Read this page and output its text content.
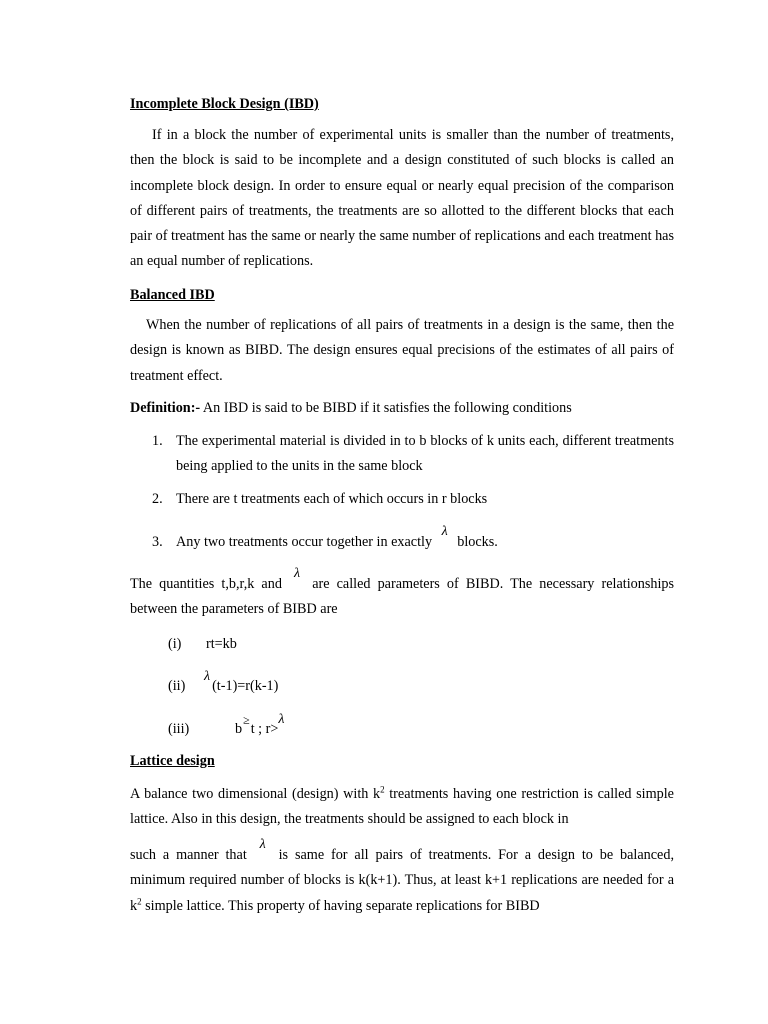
Incomplete Block Design (IBD)
If in a block the number of experimental units is smaller than the number of treatments, then the block is said to be incomplete and a design constituted of such blocks is called an incomplete block design. In order to ensure equal or nearly equal precision of the comparison of different pairs of treatments, the treatments are so allotted to the different blocks that each pair of treatment has the same or nearly the same number of replications and each treatment has an equal number of replications.
Balanced IBD
When the number of replications of all pairs of treatments in a design is the same, then the design is known as BIBD. The design ensures equal precisions of the estimates of all pairs of treatment effect.
Definition:- An IBD is said to be BIBD if it satisfies the following conditions
1. The experimental material is divided in to b blocks of k units each, different treatments being applied to the units in the same block
2. There are t treatments each of which occurs in r blocks
3. Any two treatments occur together in exactly λ blocks.
The quantities t,b,r,k and λ are called parameters of BIBD. The necessary relationships between the parameters of BIBD are
(i) rt=kb
(ii)
λ(t-1)=r(k-1)
(iii)	b≥t ; r>λ
Lattice design
A balance two dimensional (design) with $k^2$ treatments having one restriction is called simple lattice. Also in this design, the treatments should be assigned to each block in
such a manner that λ is same for all pairs of treatments. For a design to be balanced, minimum required number of blocks is k(k+1). Thus, at least k+1 replications are needed for a $k^2$ simple lattice. This property of having separate replications for BIBD
